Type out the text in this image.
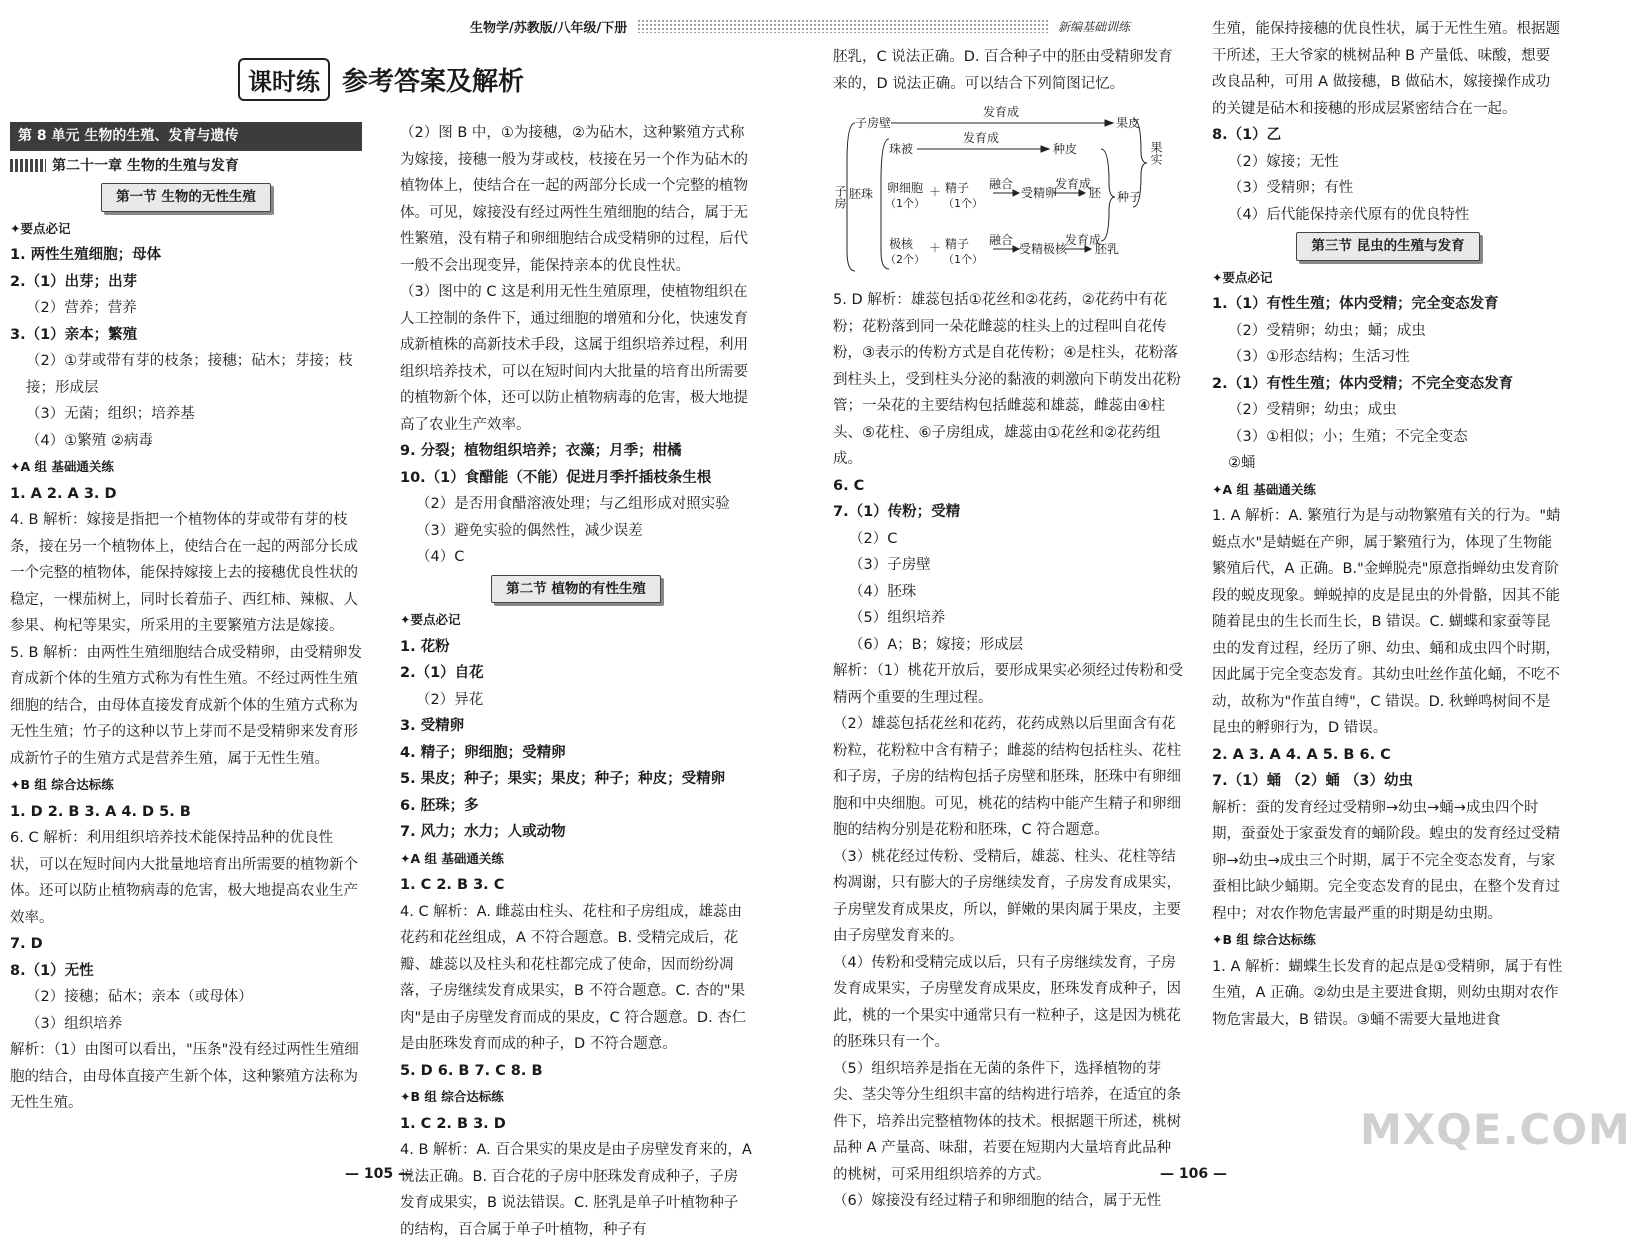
生物学/苏教版/八年级/下册	新编基础训练
课时练 参考答案及解析
第 8 单元 生物的生殖、发育与遗传
第二十一章 生物的生殖与发育
第一节 生物的无性生殖
✦要点必记

1. 两性生殖细胞；母体

2.（1）出芽；出芽

（2）营养；营养

3.（1）亲本；繁殖

（2）①芽或带有芽的枝条；接穗；砧木；芽接；枝接；形成层

（3）无菌；组织；培养基

（4）①繁殖 ②病毒

✦A 组 基础通关练

1. A 2. A 3. D

4. B 解析：嫁接是指把一个植物体的芽或带有芽的枝条，接在另一个植物体上，使结合在一起的两部分长成一个完整的植物体，能保持嫁接上去的接穗优良性状的稳定，一棵茄树上，同时长着茄子、西红柿、辣椒、人参果、枸杞等果实，所采用的主要繁殖方法是嫁接。

5. B 解析：由两性生殖细胞结合成受精卵，由受精卵发育成新个体的生殖方式称为有性生殖。不经过两性生殖细胞的结合，由母体直接发育成新个体的生殖方式称为无性生殖；竹子的这种以节上芽而不是受精卵来发育形成新竹子的生殖方式是营养生殖，属于无性生殖。

✦B 组 综合达标练

1. D 2. B 3. A 4. D 5. B

6. C 解析：利用组织培养技术能保持品种的优良性状，可以在短时间内大批量地培育出所需要的植物新个体。还可以防止植物病毒的危害，极大地提高农业生产效率。

7. D

8.（1）无性

（2）接穗；砧木；亲本（或母体）

（3）组织培养

解析：（1）由图可以看出，"压条"没有经过两性生殖细胞的结合，由母体直接产生新个体，这种繁殖方法称为无性生殖。

（2）图 B 中，①为接穗，②为砧木，这种繁殖方式称为嫁接，接穗一般为芽或枝，枝接在另一个作为砧木的植物体上，使结合在一起的两部分长成一个完整的植物体。可见，嫁接没有经过两性生殖细胞的结合，属于无性繁殖，没有精子和卵细胞结合成受精卵的过程，后代一般不会出现变异，能保持亲本的优良性状。

（3）图中的 C 这是利用无性生殖原理，使植物组织在人工控制的条件下，通过细胞的增殖和分化，快速发育成新植株的高新技术手段，这属于组织培养过程，利用组织培养技术，可以在短时间内大批量的培育出所需要的植物新个体，还可以防止植物病毒的危害，极大地提高了农业生产效率。

9. 分裂；植物组织培养；衣藻；月季；柑橘

10.（1）食醋能（不能）促进月季扦插枝条生根

（2）是否用食醋溶液处理；与乙组形成对照实验

（3）避免实验的偶然性，减少误差

（4）C

第二节 植物的有性生殖
✦要点必记

1. 花粉

2.（1）自花

（2）异花

3. 受精卵

4. 精子；卵细胞；受精卵

5. 果皮；种子；果实；果皮；种子；种皮；受精卵

6. 胚珠；多

7. 风力；水力；人或动物

✦A 组 基础通关练

1. C 2. B 3. C

4. C 解析：A. 雌蕊由柱头、花柱和子房组成，雄蕊由花药和花丝组成，A 不符合题意。B. 受精完成后，花瓣、雄蕊以及柱头和花柱都完成了使命，因而纷纷凋落，子房继续发育成果实，B 不符合题意。C. 杏的"果肉"是由子房壁发育而成的果皮，C 符合题意。D. 杏仁是由胚珠发育而成的种子，D 不符合题意。

5. D 6. B 7. C 8. B

✦B 组 综合达标练

1. C 2. B 3. D

4. B 解析：A. 百合果实的果皮是由子房壁发育来的，A 说法正确。B. 百合花的子房中胚珠发育成种子，子房发育成果实，B 说法错误。C. 胚乳是单子叶植物种子的结构，百合属于单子叶植物，种子有

胚乳，C 说法正确。D. 百合种子中的胚由受精卵发育来的，D 说法正确。可以结合下列简图记忆。

子房
子房壁
发育成
果皮
珠被
发育成
种皮	果实
胚珠 卵细胞 ＋ 精子 融合
受精卵
发育成
胚 种子
（1个） （1个）
极核 ＋ 精子 融合
受精极核
发育成
胚乳
（2个） （1个）

5. D 解析：雄蕊包括①花丝和②花药，②花药中有花粉；花粉落到同一朵花雌蕊的柱头上的过程叫自花传粉，③表示的传粉方式是自花传粉；④是柱头，花粉落到柱头上，受到柱头分泌的黏液的刺激向下萌发出花粉管；一朵花的主要结构包括雌蕊和雄蕊，雌蕊由④柱头、⑤花柱、⑥子房组成，雄蕊由①花丝和②花药组成。

6. C

7.（1）传粉；受精

（2）C

（3）子房壁

（4）胚珠

（5）组织培养

（6）A；B；嫁接；形成层

解析：（1）桃花开放后，要形成果实必须经过传粉和受精两个重要的生理过程。

（2）雄蕊包括花丝和花药，花药成熟以后里面含有花粉粒，花粉粒中含有精子；雌蕊的结构包括柱头、花柱和子房，子房的结构包括子房壁和胚珠，胚珠中有卵细胞和中央细胞。可见，桃花的结构中能产生精子和卵细胞的结构分别是花粉和胚珠，C 符合题意。

（3）桃花经过传粉、受精后，雄蕊、柱头、花柱等结构凋谢，只有膨大的子房继续发育，子房发育成果实，子房壁发育成果皮，所以，鲜嫩的果肉属于果皮，主要由子房壁发育来的。

（4）传粉和受精完成以后，只有子房继续发育，子房发育成果实，子房壁发育成果皮，胚珠发育成种子，因此，桃的一个果实中通常只有一粒种子，这是因为桃花的胚珠只有一个。

（5）组织培养是指在无菌的条件下，选择植物的芽尖、茎尖等分生组织丰富的结构进行培养，在适宜的条件下，培养出完整植物体的技术。根据题干所述，桃树品种 A 产量高、味甜，若要在短期内大量培育此品种的桃树，可采用组织培养的方式。

（6）嫁接没有经过精子和卵细胞的结合，属于无性

生殖，能保持接穗的优良性状，属于无性生殖。根据题干所述，王大爷家的桃树品种 B 产量低、味酸，想要改良品种，可用 A 做接穗，B 做砧木，嫁接操作成功的关键是砧木和接穗的形成层紧密结合在一起。

8.（1）乙

（2）嫁接；无性

（3）受精卵；有性

（4）后代能保持亲代原有的优良特性

第三节 昆虫的生殖与发育
✦要点必记

1.（1）有性生殖；体内受精；完全变态发育

（2）受精卵；幼虫；蛹；成虫

（3）①形态结构；生活习性

2.（1）有性生殖；体内受精；不完全变态发育

（2）受精卵；幼虫；成虫

（3）①相似；小；生殖；不完全变态

②蛹

✦A 组 基础通关练

1. A 解析：A. 繁殖行为是与动物繁殖有关的行为。"蜻蜓点水"是蜻蜓在产卵，属于繁殖行为，体现了生物能繁殖后代，A 正确。B."金蝉脱壳"原意指蝉幼虫发育阶段的蜕皮现象。蝉蜕掉的皮是昆虫的外骨骼，因其不能随着昆虫的生长而生长，B 错误。C. 蝴蝶和家蚕等昆虫的发育过程，经历了卵、幼虫、蛹和成虫四个时期，因此属于完全变态发育。其幼虫吐丝作茧化蛹，不吃不动，故称为"作茧自缚"，C 错误。D. 秋蝉鸣树间不是昆虫的孵卵行为，D 错误。

2. A 3. A 4. A 5. B 6. C

7.（1）蛹 （2）蛹 （3）幼虫

解析：蚕的发育经过受精卵→幼虫→蛹→成虫四个时期，蚕蚕处于家蚕发育的蛹阶段。蝗虫的发育经过受精卵→幼虫→成虫三个时期，属于不完全变态发育，与家蚕相比缺少蛹期。完全变态发育的昆虫，在整个发育过程中；对农作物危害最严重的时期是幼虫期。

✦B 组 综合达标练

1. A 解析：蝴蝶生长发育的起点是①受精卵，属于有性生殖，A 正确。②幼虫是主要进食期，则幼虫期对农作物危害最大，B 错误。③蛹不需要大量地进食

— 105 —	— 106 —
MXQE.COM
